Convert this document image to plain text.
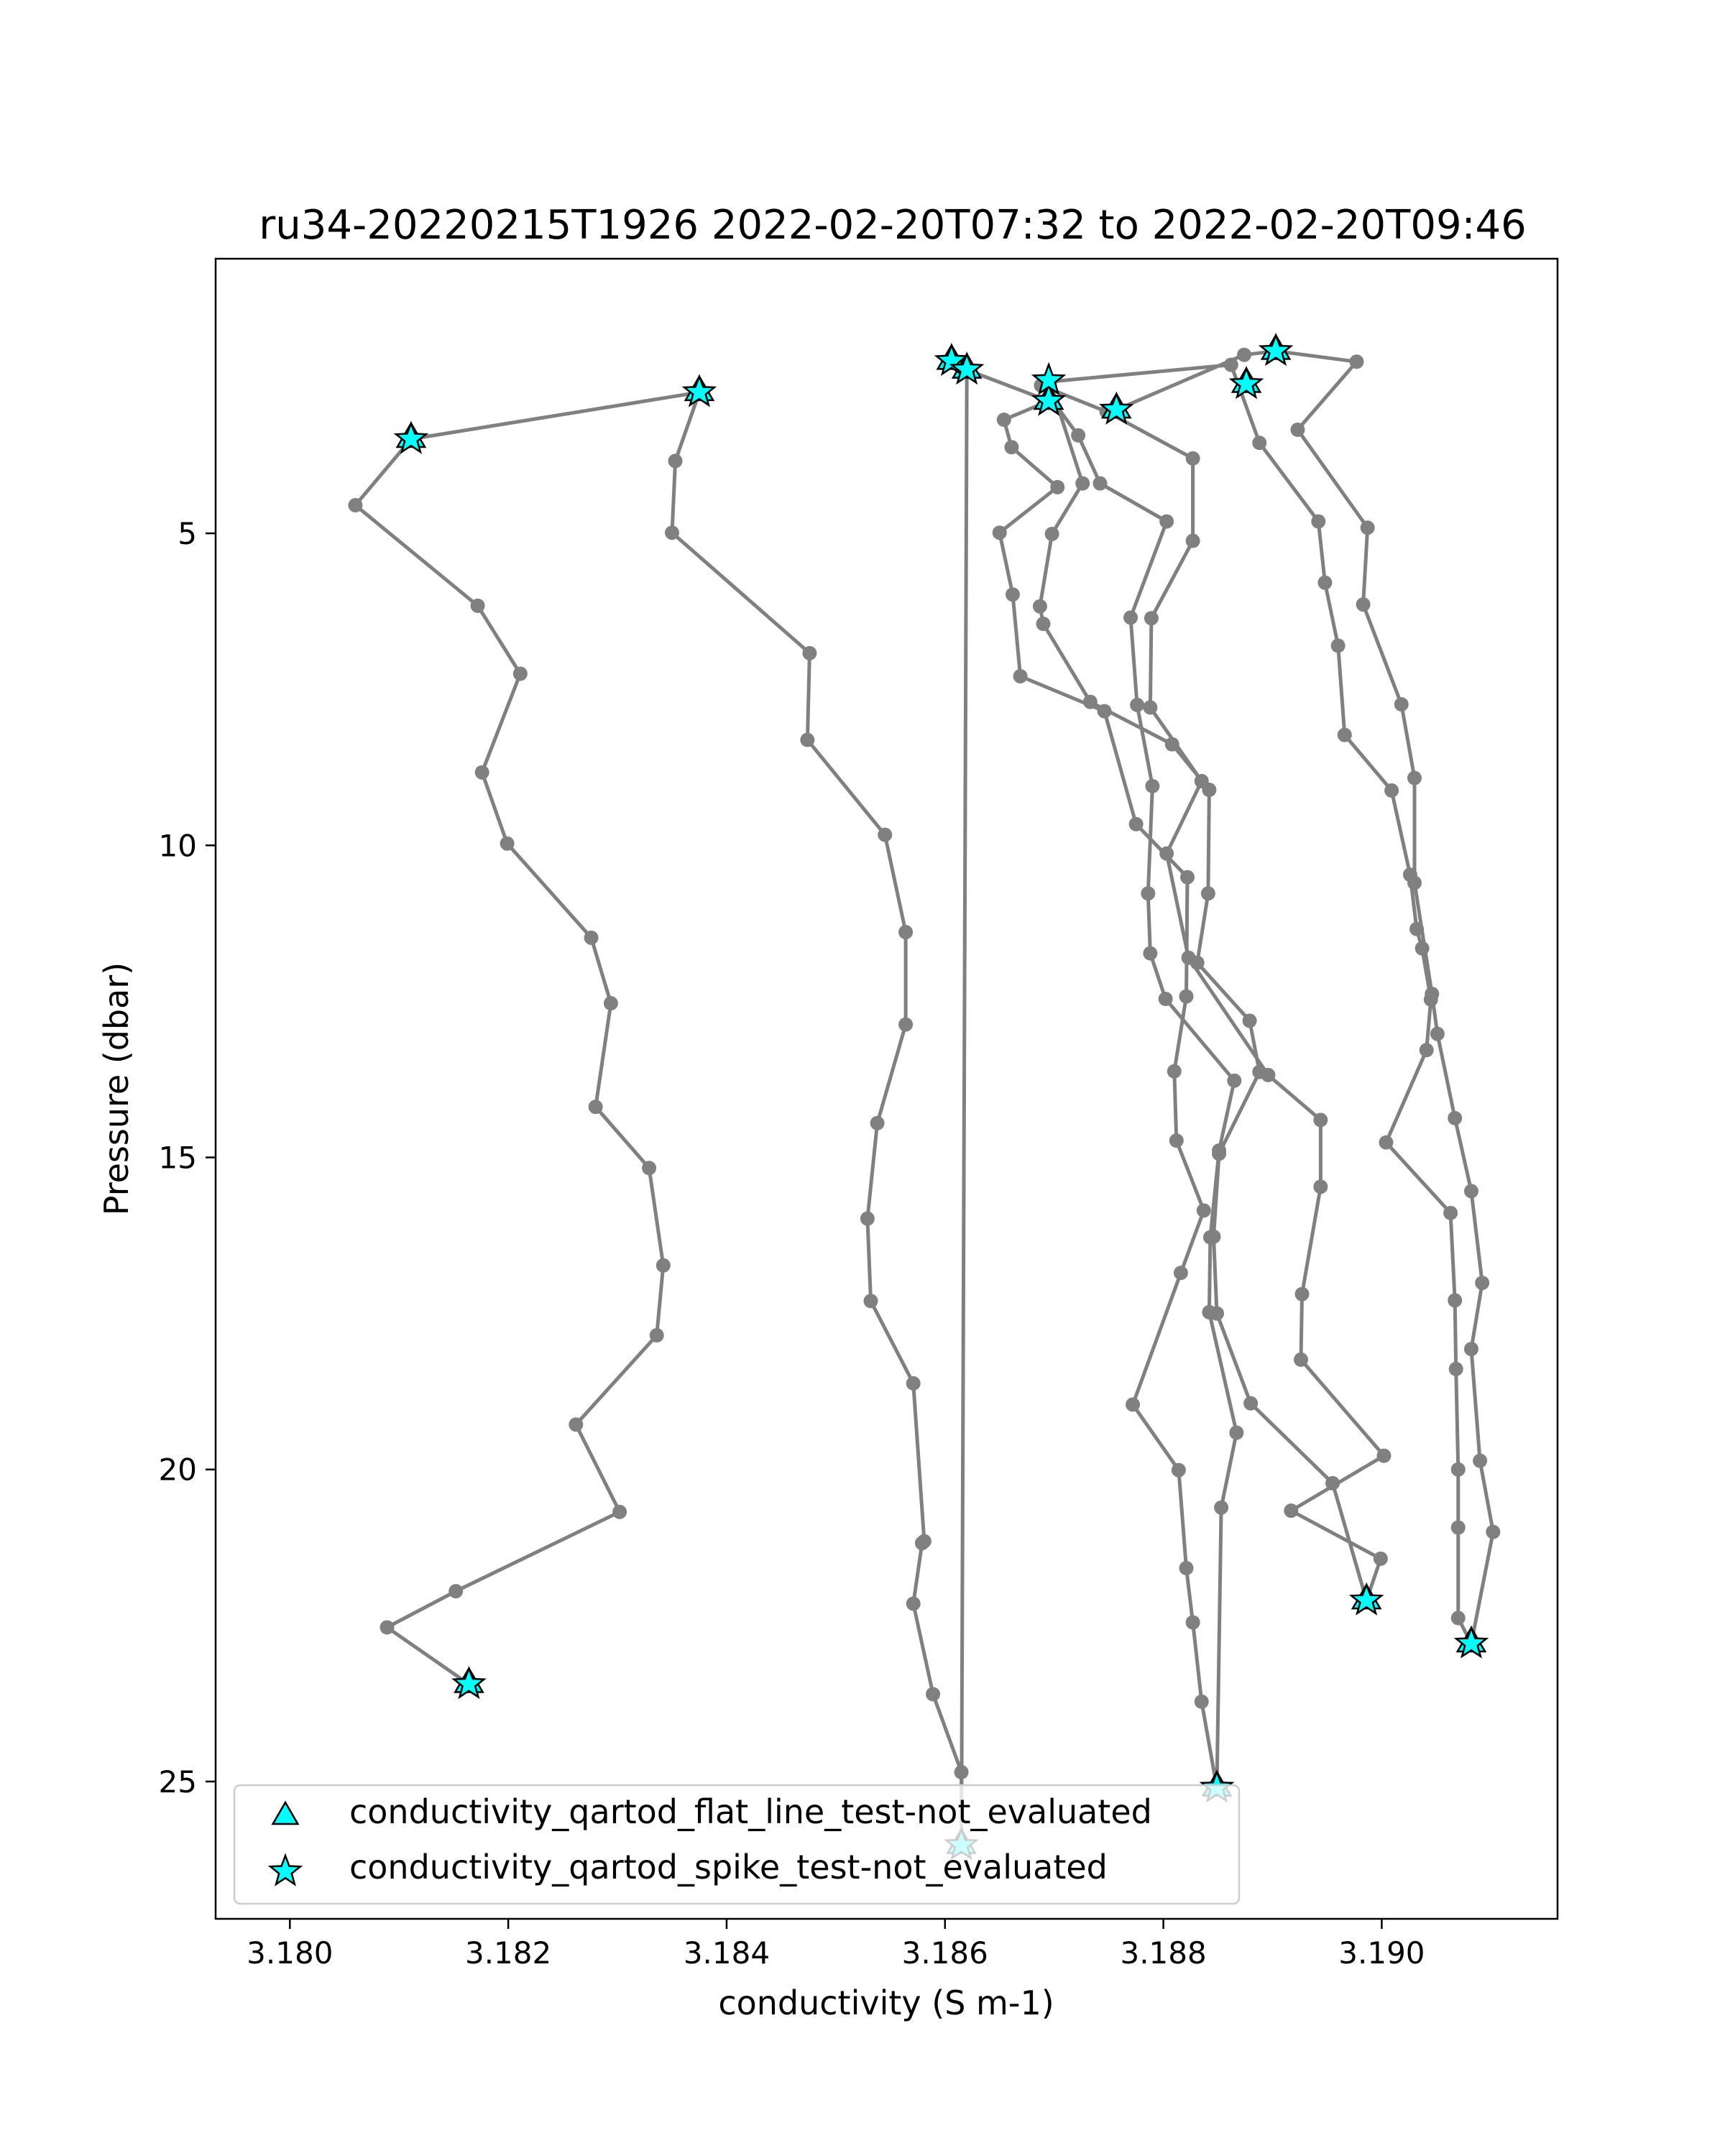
ru34-20220215T1926 2022-02-20T07:32 to 2022-02-20T09:46
3.180	3.182	3.184	3.186	3.188	3.190
5
10
15
20
25
conductivity (S m-1)
Pressure (dbar)
conductivity_qartod_flat_line_test-not_evaluated
conductivity_qartod_spike_test-not_evaluated
